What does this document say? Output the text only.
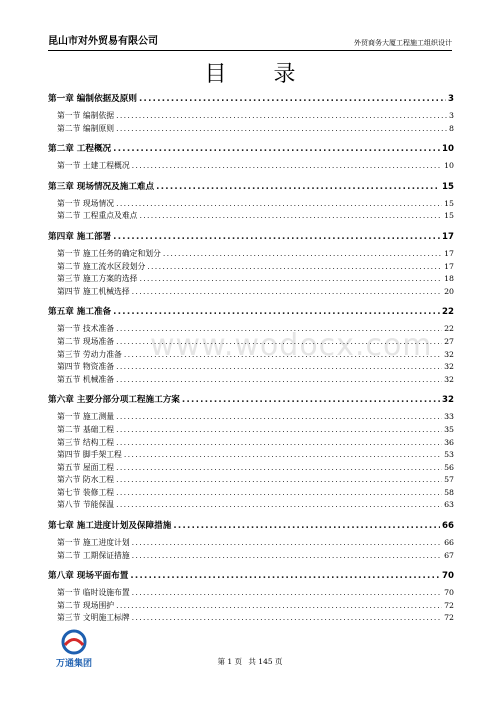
昆山市对外贸易有限公司	外贸商务大厦工程施工组织设计
目 录
www.wodocx.com
第一章 编制依据及原则 .....	3
第一节 编制依据 .....	3
第二节 编制原则 .....	8
第二章 工程概况 .....	10
第一节 土建工程概况 .....	10
第三章 现场情况及施工难点 .....	15
第一节 现场情况 .....	15
第二节 工程重点及难点 .....	15
第四章 施工部署 .....	17
第一节 施工任务的确定和划分 .....	17
第二节 施工流水区段划分 .....	17
第三节 施工方案的选择 .....	18
第四节 施工机械选择 .....	20
第五章 施工准备 .....	22
第一节 技术准备 .....	22
第二节 现场准备 .....	27
第三节 劳动力准备 .....	32
第四节 物资准备 .....	32
第五节 机械准备 .....	32
第六章 主要分部分项工程施工方案 .....	32
第一节 施工测量 .....	33
第二节 基础工程 .....	35
第三节 结构工程 .....	36
第四节 脚手架工程 .....	53
第五节 屋面工程 .....	56
第六节 防水工程 .....	57
第七节 装修工程 .....	58
第八节 节能保温 .....	63
第七章 施工进度计划及保障措施 .....	66
第一节 施工进度计划 .....	66
第二节 工期保证措施 .....	67
第八章 现场平面布置 .....	70
第一节 临时设施布置 .....	70
第二节 现场围护 .....	72
第三节 文明施工标牌 .....	72
万通集团	第 1 页 共 145 页
